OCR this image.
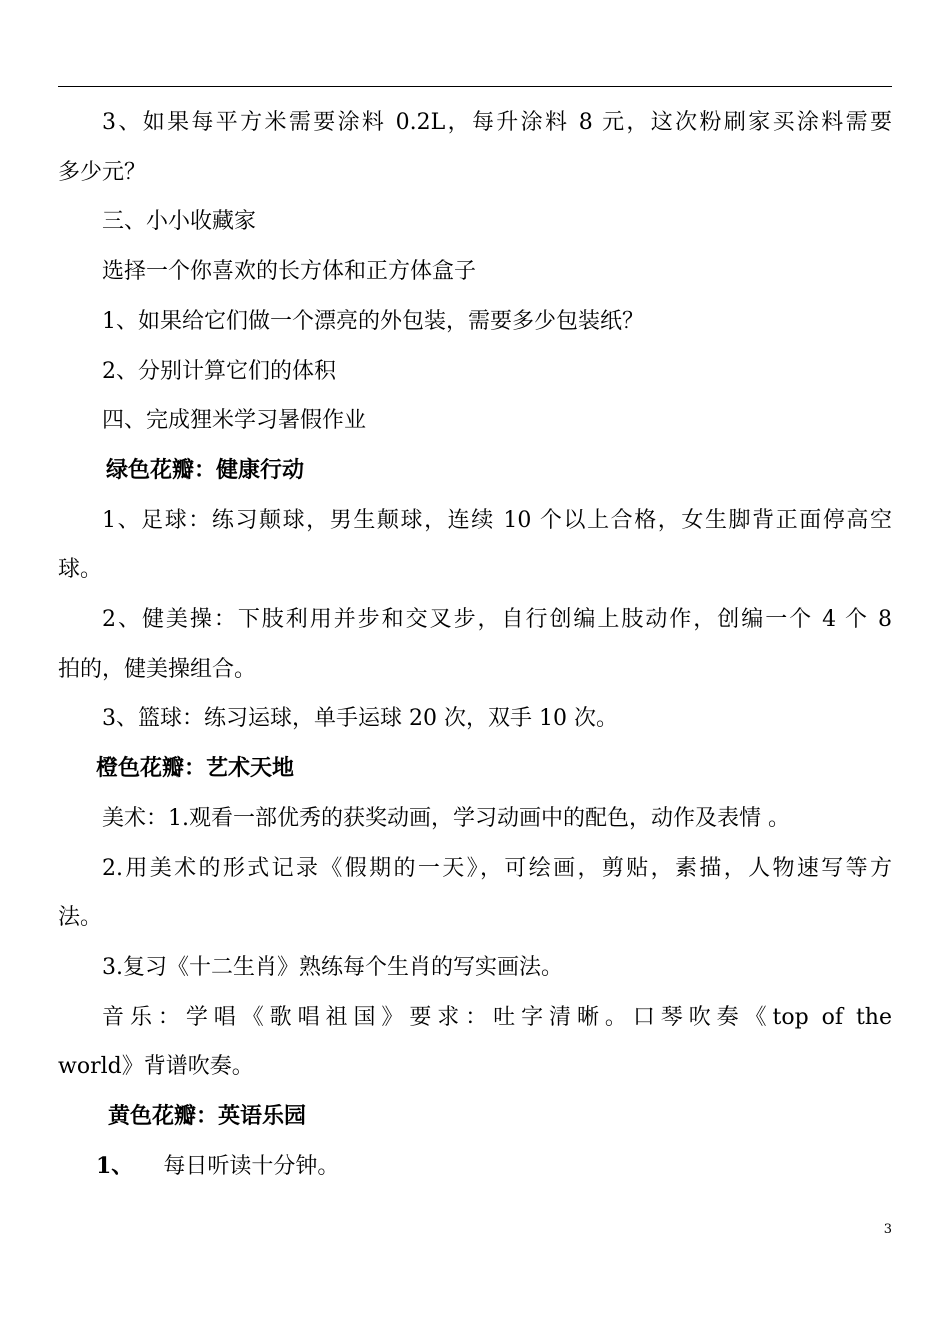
3、如果每平方米需要涂料 0.2L，每升涂料 8 元，这次粉刷家买涂料需要

多少元？

三、小小收藏家

选择一个你喜欢的长方体和正方体盒子

1、如果给它们做一个漂亮的外包装，需要多少包装纸？

2、分别计算它们的体积

四、完成狸米学习暑假作业

绿色花瓣：健康行动

1、足球：练习颠球，男生颠球，连续 10 个以上合格，女生脚背正面停高空

球。

2、健美操：下肢利用并步和交叉步，自行创编上肢动作，创编一个 4 个 8

拍的，健美操组合。

3、篮球：练习运球，单手运球 20 次，双手 10 次。

橙色花瓣：艺术天地

美术：1.观看一部优秀的获奖动画，学习动画中的配色，动作及表情 。

2.用美术的形式记录《假期的一天》，可绘画，剪贴，素描，人物速写等方

法。

3.复习《十二生肖》熟练每个生肖的写实画法。

音乐：学唱《歌唱祖国》要求：吐字清晰。口琴吹奏《top of the

world》背谱吹奏。

黄色花瓣：英语乐园

1、 每日听读十分钟。

3
